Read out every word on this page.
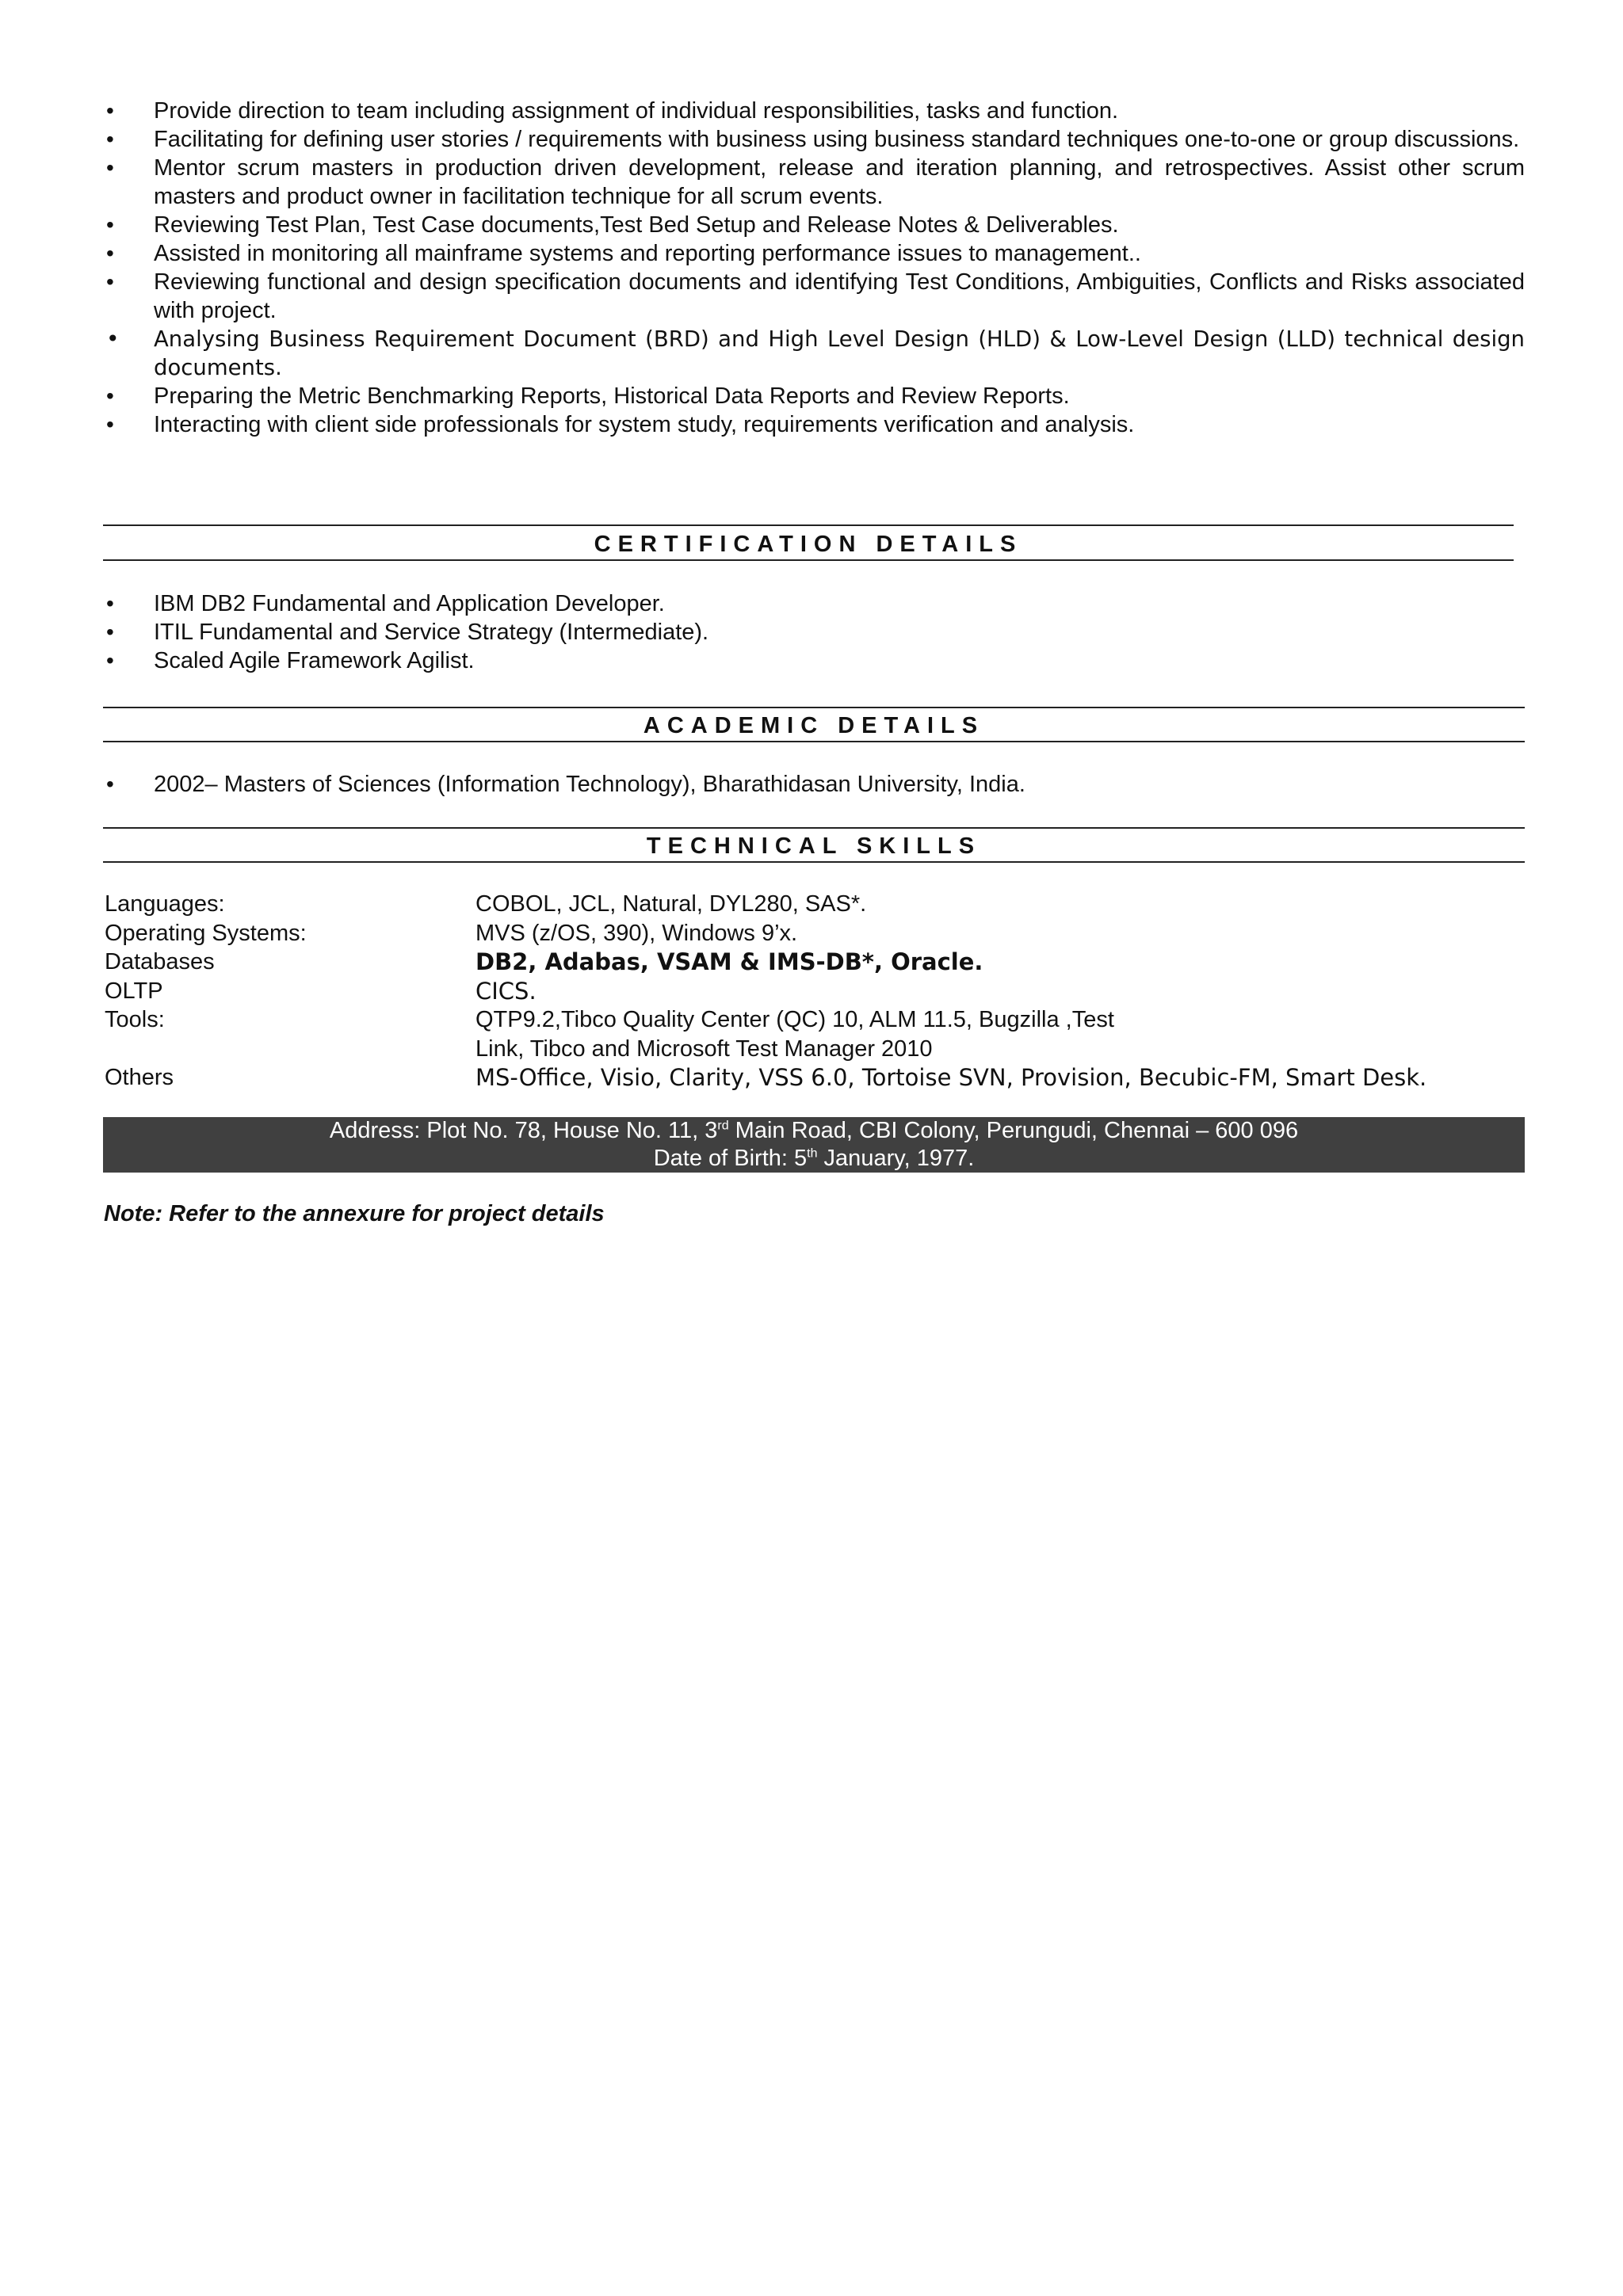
• Provide direction to team including assignment of individual responsibilities, tasks and function.
• Facilitating for defining user stories / requirements with business using business standard techniques one-to-one or group discussions.
• Mentor scrum masters in production driven development, release and iteration planning, and retrospectives. Assist other scrum masters and product owner in facilitation technique for all scrum events.
• Reviewing Test Plan, Test Case documents,Test Bed Setup and Release Notes & Deliverables.
• Assisted in monitoring all mainframe systems and reporting performance issues to management..
• Reviewing functional and design specification documents and identifying Test Conditions, Ambiguities, Conflicts and Risks associated with project.
• Analysing Business Requirement Document (BRD) and High Level Design (HLD) & Low-Level Design (LLD) technical design documents.
• Preparing the Metric Benchmarking Reports, Historical Data Reports and Review Reports.
• Interacting with client side professionals for system study, requirements verification and analysis.
CERTIFICATION DETAILS
• IBM DB2 Fundamental and Application Developer.
• ITIL Fundamental and Service Strategy (Intermediate).
• Scaled Agile Framework Agilist.
ACADEMIC DETAILS
• 2002– Masters of Sciences (Information Technology), Bharathidasan University, India.
TECHNICAL SKILLS
Languages:	COBOL, JCL, Natural, DYL280, SAS*.
Operating Systems:	MVS (z/OS, 390), Windows 9’x.
Databases	DB2, Adabas, VSAM & IMS-DB*, Oracle.
OLTP	CICS.
Tools:	QTP9.2,Tibco Quality Center (QC) 10, ALM 11.5, Bugzilla ,Test
Link, Tibco and Microsoft Test Manager 2010
Others	MS-Office, Visio, Clarity, VSS 6.0, Tortoise SVN, Provision, Becubic-FM, Smart Desk.
Address: Plot No. 78, House No. 11, 3rd Main Road, CBI Colony, Perungudi, Chennai – 600 096
Date of Birth: 5th January, 1977.
Note: Refer to the annexure for project details
